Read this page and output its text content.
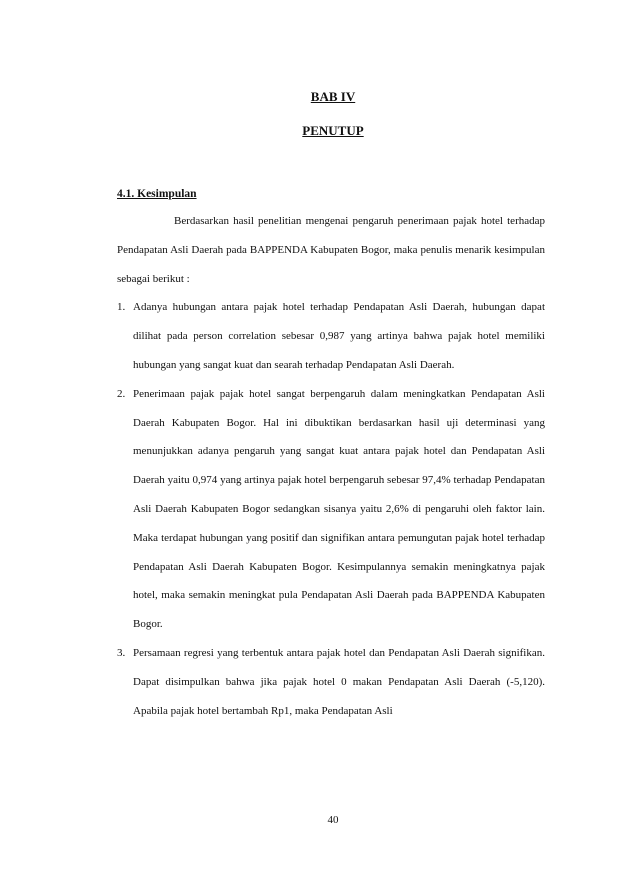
BAB IV
PENUTUP
4.1. Kesimpulan

Berdasarkan hasil penelitian mengenai pengaruh penerimaan pajak hotel terhadap Pendapatan Asli Daerah pada BAPPENDA Kabupaten Bogor, maka penulis menarik kesimpulan sebagai berikut :

1. Adanya hubungan antara pajak hotel terhadap Pendapatan Asli Daerah, hubungan dapat dilihat pada person correlation sebesar 0,987 yang artinya bahwa pajak hotel memiliki hubungan yang sangat kuat dan searah terhadap Pendapatan Asli Daerah.
2. Penerimaan pajak pajak hotel sangat berpengaruh dalam meningkatkan Pendapatan Asli Daerah Kabupaten Bogor. Hal ini dibuktikan berdasarkan hasil uji determinasi yang menunjukkan adanya pengaruh yang sangat kuat antara pajak hotel dan Pendapatan Asli Daerah yaitu 0,974 yang artinya pajak hotel berpengaruh sebesar 97,4% terhadap Pendapatan Asli Daerah Kabupaten Bogor sedangkan sisanya yaitu 2,6% di pengaruhi oleh faktor lain. Maka terdapat hubungan yang positif dan signifikan antara pemungutan pajak hotel terhadap Pendapatan Asli Daerah Kabupaten Bogor. Kesimpulannya semakin meningkatnya pajak hotel, maka semakin meningkat pula Pendapatan Asli Daerah pada BAPPENDA Kabupaten Bogor.
3. Persamaan regresi yang terbentuk antara pajak hotel dan Pendapatan Asli Daerah signifikan. Dapat disimpulkan bahwa jika pajak hotel 0 makan Pendapatan Asli Daerah (-5,120). Apabila pajak hotel bertambah Rp1, maka Pendapatan Asli

40
